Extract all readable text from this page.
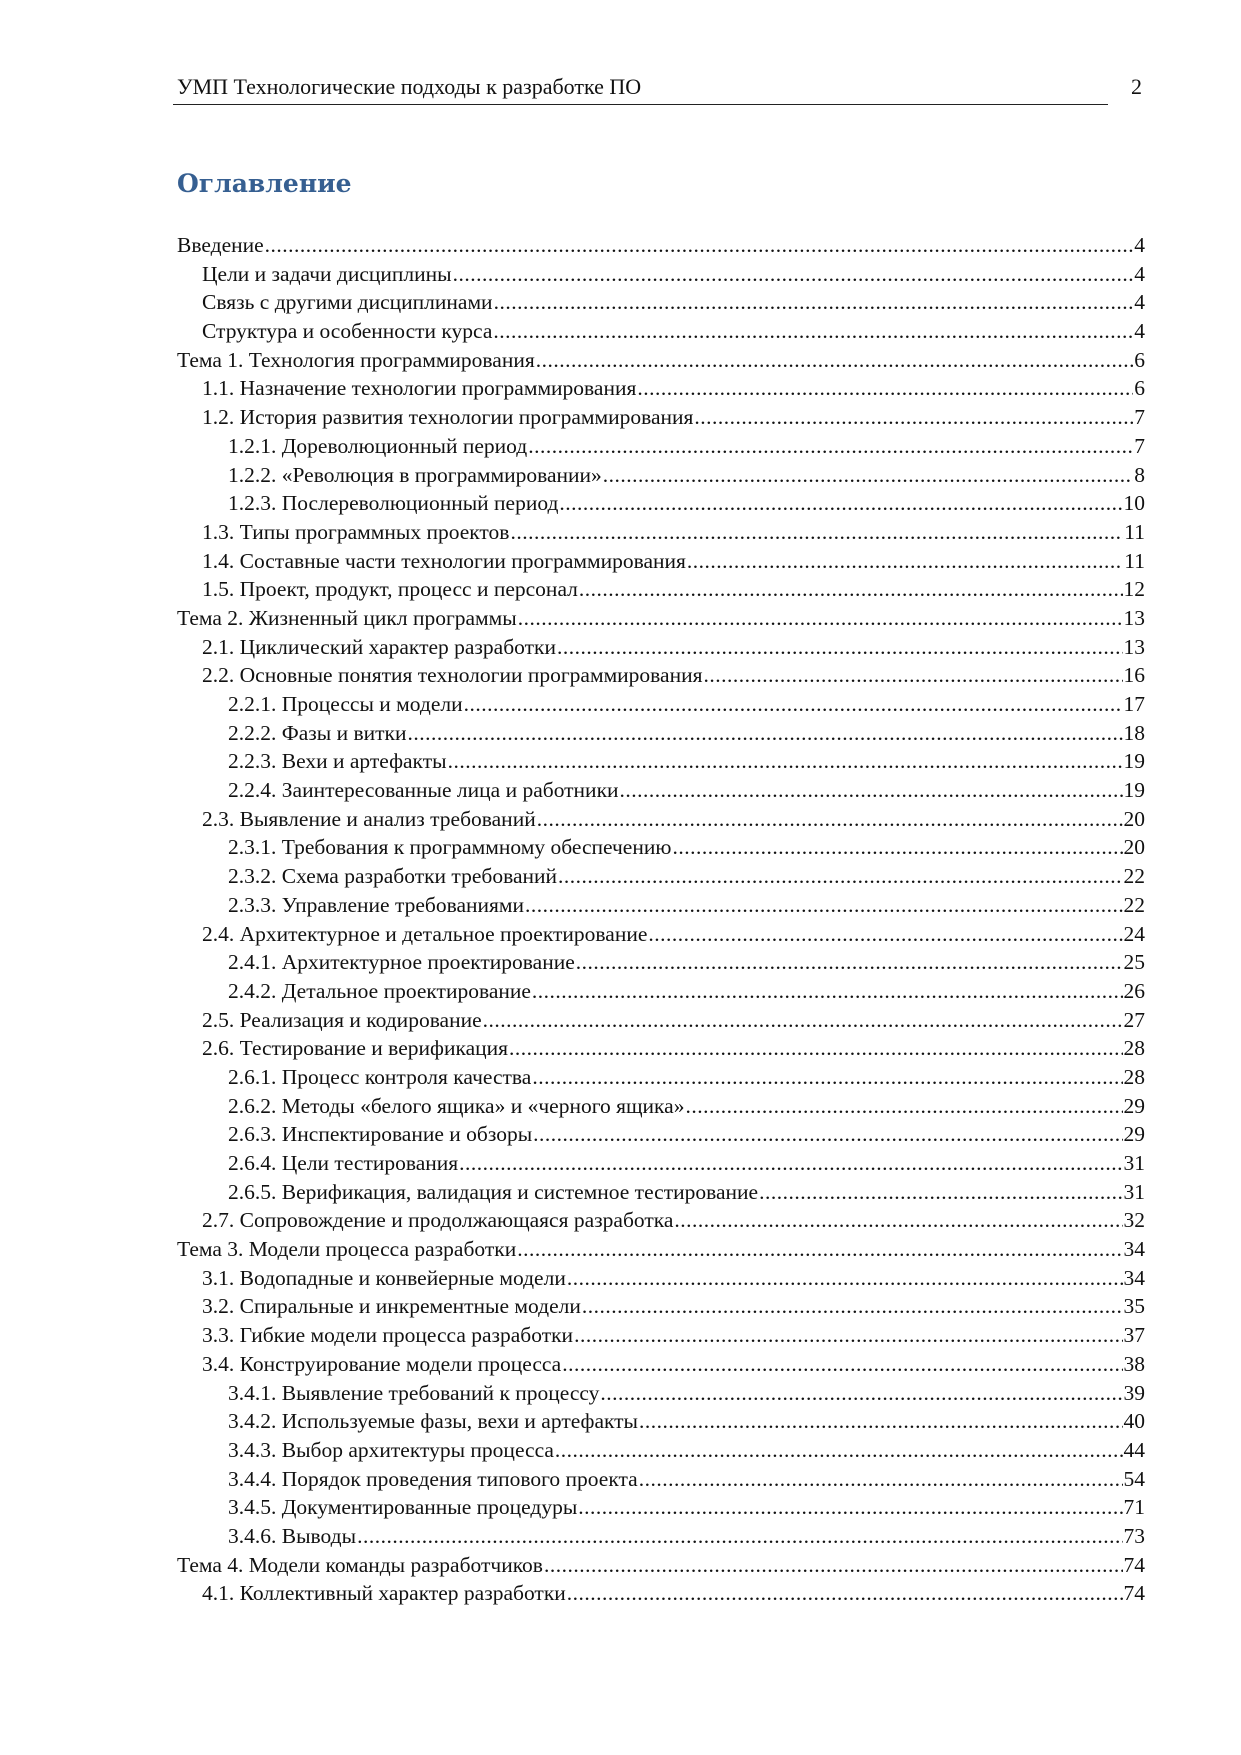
УМП Технологические подходы к разработке ПО	2
Оглавление
Введение .....	4
Цели и задачи дисциплины .....	4
Связь с другими дисциплинами .....	4
Структура и особенности курса .....	4
Тема 1. Технология программирования .....	6
1.1. Назначение технологии программирования .....	6
1.2. История развития технологии программирования .....	7
1.2.1. Дореволюционный период .....	7
1.2.2. «Революция в программировании» .....	8
1.2.3. Послереволюционный период .....	10
1.3. Типы программных проектов .....	11
1.4. Составные части технологии программирования .....	11
1.5. Проект, продукт, процесс и персонал .....	12
Тема 2. Жизненный цикл программы .....	13
2.1. Циклический характер разработки .....	13
2.2. Основные понятия технологии программирования .....	16
2.2.1. Процессы и модели .....	17
2.2.2. Фазы и витки .....	18
2.2.3. Вехи и артефакты .....	19
2.2.4. Заинтересованные лица и работники .....	19
2.3. Выявление и анализ требований .....	20
2.3.1. Требования к программному обеспечению .....	20
2.3.2. Схема разработки требований .....	22
2.3.3. Управление требованиями .....	22
2.4. Архитектурное и детальное проектирование .....	24
2.4.1. Архитектурное проектирование .....	25
2.4.2. Детальное проектирование .....	26
2.5. Реализация и кодирование .....	27
2.6. Тестирование и верификация .....	28
2.6.1. Процесс контроля качества .....	28
2.6.2. Методы «белого ящика» и «черного ящика» .....	29
2.6.3. Инспектирование и обзоры .....	29
2.6.4. Цели тестирования .....	31
2.6.5. Верификация, валидация и системное тестирование .....	31
2.7. Сопровождение и продолжающаяся разработка .....	32
Тема 3. Модели процесса разработки .....	34
3.1. Водопадные и конвейерные модели .....	34
3.2. Спиральные и инкрементные модели .....	35
3.3. Гибкие модели процесса разработки .....	37
3.4. Конструирование модели процесса .....	38
3.4.1. Выявление требований к процессу .....	39
3.4.2. Используемые фазы, вехи и артефакты .....	40
3.4.3. Выбор архитектуры процесса .....	44
3.4.4. Порядок проведения типового проекта .....	54
3.4.5. Документированные процедуры .....	71
3.4.6. Выводы .....	73
Тема 4. Модели команды разработчиков .....	74
4.1. Коллективный характер разработки .....	74
